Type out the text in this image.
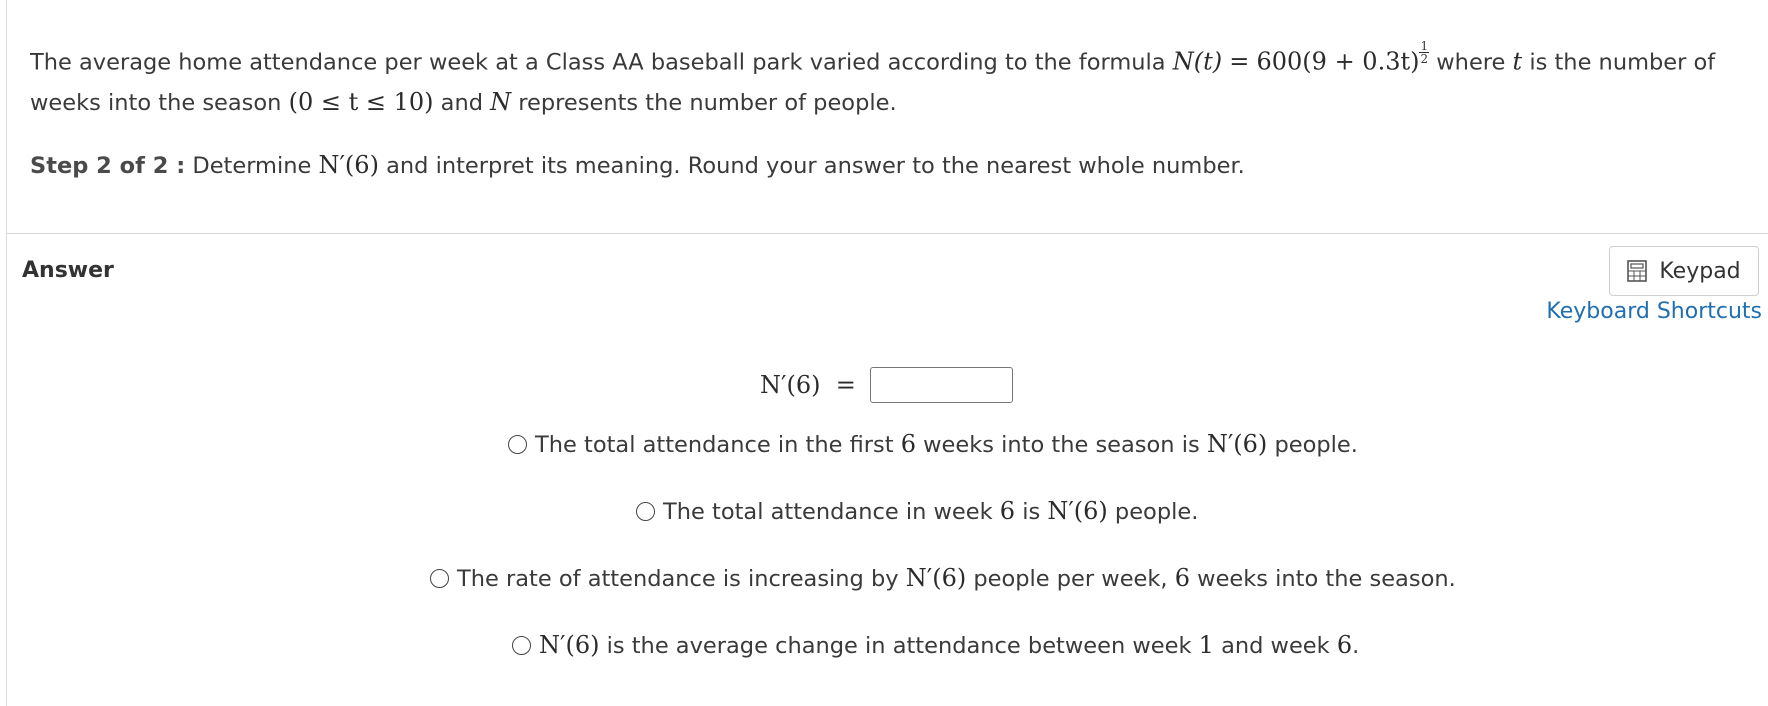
The average home attendance per week at a Class AA baseball park varied according to the formula $N(t) = 600(9 + 0.3t) \frac{1}{2}$ where t is the number of weeks into the season (0 ≤ t ≤ 10) and N represents the number of people.
Step 2 of 2 : Determine N′(6) and interpret its meaning. Round your answer to the nearest whole number.
Answer	Keypad
Keyboard Shortcuts
N′(6)  =
The total attendance in the first 6 weeks into the season is N′(6) people.
The total attendance in week 6 is N′(6) people.
The rate of attendance is increasing by N′(6) people per week, 6 weeks into the season.
N′(6) is the average change in attendance between week 1 and week 6.
